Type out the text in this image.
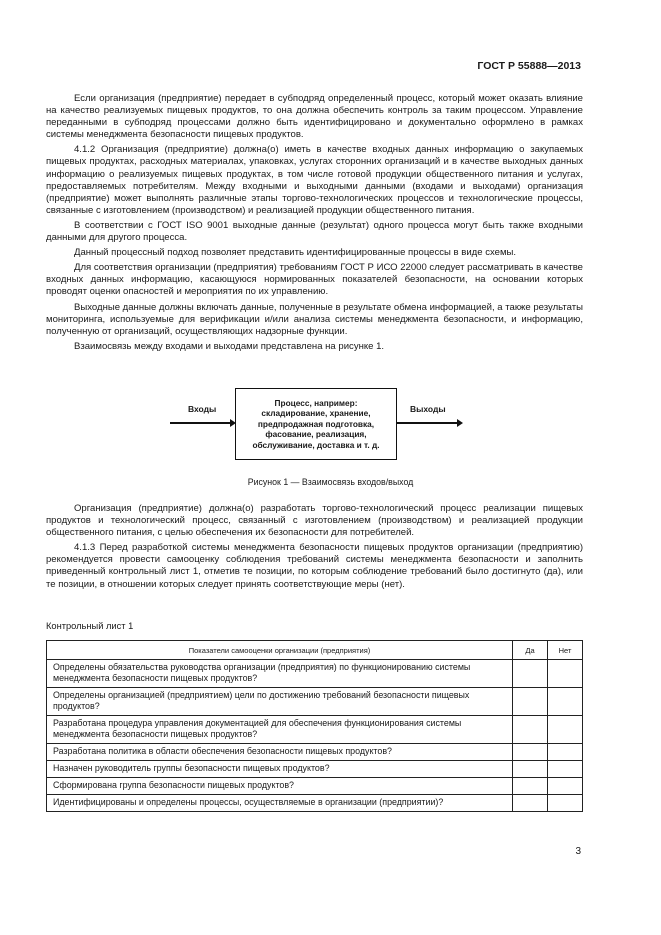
ГОСТ Р 55888—2013

Если организация (предприятие) передает в субподряд определенный процесс, который может оказать влияние на качество реализуемых пищевых продуктов, то она должна обеспечить контроль за таким процессом. Управление переданными в субподряд процессами должно быть идентифицировано и документально оформлено в рамках системы менеджмента безопасности пищевых продуктов.

4.1.2 Организация (предприятие) должна(о) иметь в качестве входных данных информацию о закупаемых пищевых продуктах, расходных материалах, упаковках, услугах сторонних организаций и в качестве выходных данных информацию о реализуемых пищевых продуктах, в том числе готовой продукции общественного питания и услугах, предоставляемых потребителям. Между входными и выходными данными (входами и выходами) организация (предприятие) может выполнять различные этапы торгово-технологических процессов и технологические процессы, связанные с изготовлением (производством) и реализацией продукции общественного питания.

В соответствии с ГОСТ ISO 9001 выходные данные (результат) одного процесса могут быть также входными данными для другого процесса.

Данный процессный подход позволяет представить идентифицированные процессы в виде схемы.

Для соответствия организации (предприятия) требованиям ГОСТ Р ИСО 22000 следует рассматривать в качестве входных данных информацию, касающуюся нормированных показателей безопасности, на основании которых проводят оценки опасностей и мероприятия по их управлению.

Выходные данные должны включать данные, полученные в результате обмена информацией, а также результаты мониторинга, используемые для верификации и/или анализа системы менеджмента безопасности, и информацию, полученную от организаций, осуществляющих надзорные функции.

Взаимосвязь между входами и выходами представлена на рисунке 1.

Входы
Процесс, например: складирование, хранение, предпродажная подготовка, фасование, реализация, обслуживание, доставка и т. д.
Выходы
Рисунок 1 — Взаимосвязь входов/выход

Организация (предприятие) должна(о) разработать торгово-технологический процесс реализации пищевых продуктов и технологический процесс, связанный с изготовлением (производством) и реализацией продукции общественного питания, с целью обеспечения их безопасности для потребителей.

4.1.3 Перед разработкой системы менеджмента безопасности пищевых продуктов организации (предприятию) рекомендуется провести самооценку соблюдения требований системы менеджмента безопасности и заполнить приведенный контрольный лист 1, отметив те позиции, по которым соблюдение требований было достигнуто (да), или те позиции, в отношении которых следует принять соответствующие меры (нет).

Контрольный лист 1
Показатели самооценки организации (предприятия)	Да	Нет
Определены обязательства руководства организации (предприятия) по функционированию системы менеджмента безопасности пищевых продуктов?		
Определены организацией (предприятием) цели по достижению требований безопасности пищевых продуктов?		
Разработана процедура управления документацией для обеспечения функционирования системы менеджмента безопасности пищевых продуктов?		
Разработана политика в области обеспечения безопасности пищевых продуктов?		
Назначен руководитель группы безопасности пищевых продуктов?		
Сформирована группа безопасности пищевых продуктов?		
Идентифицированы и определены процессы, осуществляемые в организации (предприятии)?		
3
